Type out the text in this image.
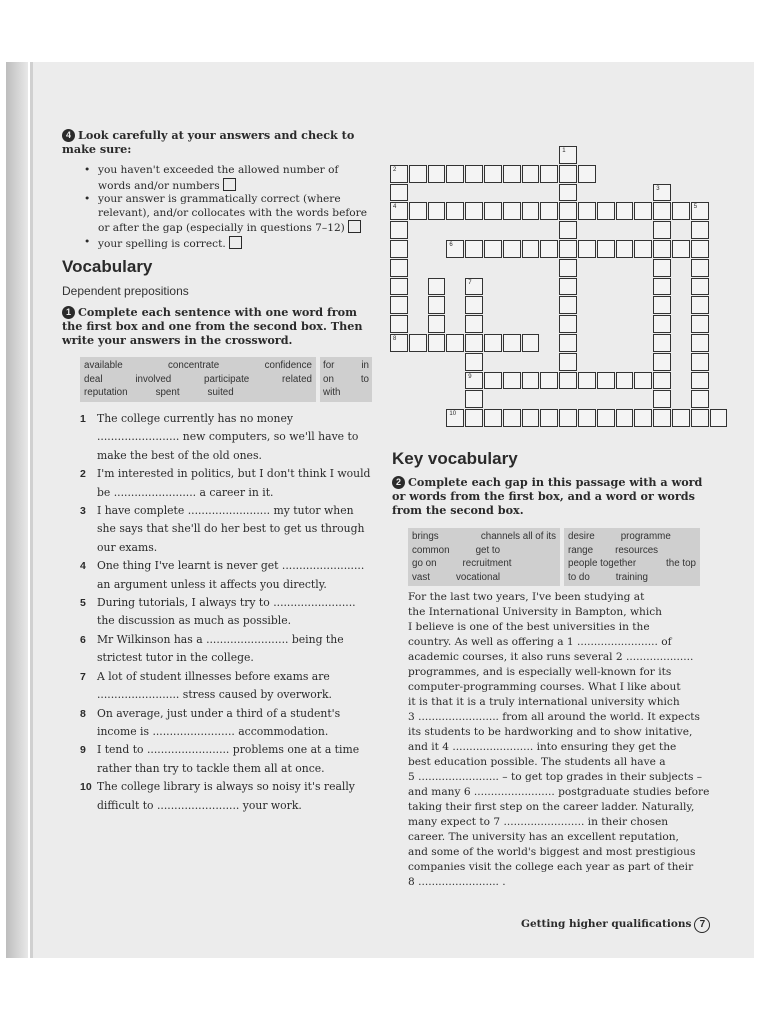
4 Look carefully at your answers and check to make sure:
• you haven't exceeded the allowed number of words and/or numbers
• your answer is grammatically correct (where relevant), and/or collocates with the words before or after the gap (especially in questions 7–12)
• your spelling is correct.
Vocabulary
Dependent prepositions
1 Complete each sentence with one word from the first box and one from the second box. Then write your answers in the crossword.
available	concentrate	confidence
deal	involved	participate	related
reputation	spent	suited
for	in
on	to
with
1 The college currently has no money ........................ new computers, so we'll have to make the best of the old ones.
2 I'm interested in politics, but I don't think I would be ........................ a career in it.
3 I have complete ........................ my tutor when she says that she'll do her best to get us through our exams.
4 One thing I've learnt is never get ........................ an argument unless it affects you directly.
5 During tutorials, I always try to ........................ the discussion as much as possible.
6 Mr Wilkinson has a ........................ being the strictest tutor in the college.
7 A lot of student illnesses before exams are ........................ stress caused by overwork.
8 On average, just under a third of a student's income is ........................ accommodation.
9 I tend to ........................ problems one at a time rather than try to tackle them all at once.
10 The college library is always so noisy it's really difficult to ........................ your work.
1
2
3
4	5
6
7
9
8
10
Key vocabulary
2 Complete each gap in this passage with a word or words from the first box, and a word or words from the second box.
brings	channels all of its
common	get to
go on	recruitment
vast	vocational
desire	programme
range resources
people together	the top
to do	training
For the last two years, I've been studying at
the International University in Bampton, which
I believe is one of the best universities in the
country. As well as offering a 1 ........................ of
academic courses, it also runs several 2 ....................
programmes, and is especially well-known for its
computer-programming courses. What I like about
it is that it is a truly international university which
3 ........................ from all around the world. It expects
its students to be hardworking and to show initative,
and it 4 ........................ into ensuring they get the
best education possible. The students all have a
5 ........................ – to get top grades in their subjects –
and many 6 ........................ postgraduate studies before
taking their first step on the career ladder. Naturally,
many expect to 7 ........................ in their chosen
career. The university has an excellent reputation,
and some of the world's biggest and most prestigious
companies visit the college each year as part of their
8 ........................ .
Getting higher qualifications 7
